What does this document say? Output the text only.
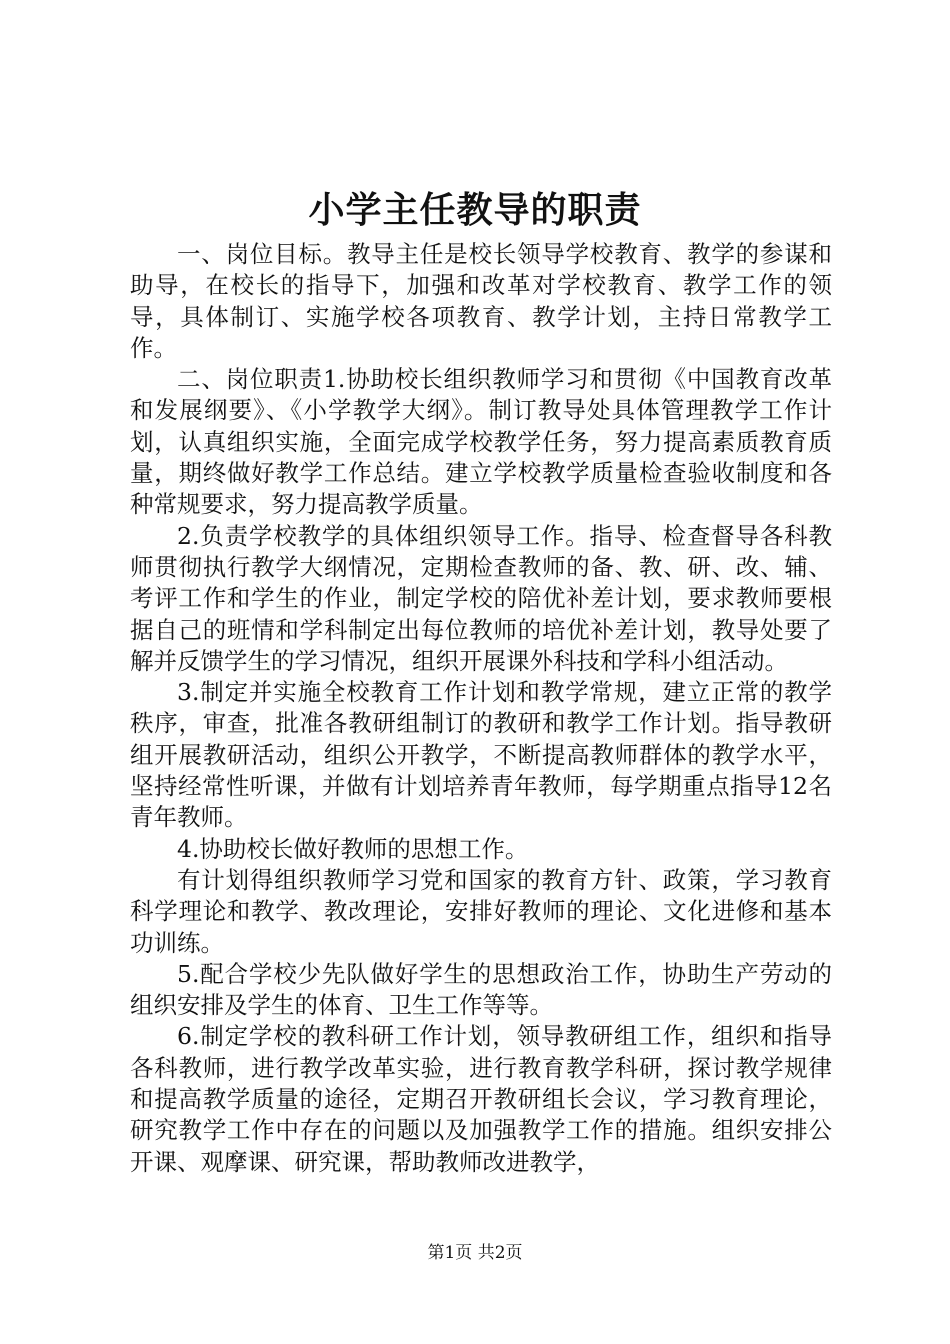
小学主任教导的职责

一、岗位目标。教导主任是校长领导学校教育、教学的参谋和助导，在校长的指导下，加强和改革对学校教育、教学工作的领导，具体制订、实施学校各项教育、教学计划，主持日常教学工作。

二、岗位职责1.协助校长组织教师学习和贯彻《中国教育改革和发展纲要》、《小学教学大纲》。制订教导处具体管理教学工作计划，认真组织实施，全面完成学校教学任务，努力提高素质教育质量，期终做好教学工作总结。建立学校教学质量检查验收制度和各种常规要求，努力提高教学质量。

2.负责学校教学的具体组织领导工作。指导、检查督导各科教师贯彻执行教学大纲情况，定期检查教师的备、教、研、改、辅、考评工作和学生的作业，制定学校的陪优补差计划，要求教师要根据自己的班情和学科制定出每位教师的培优补差计划，教导处要了解并反馈学生的学习情况，组织开展课外科技和学科小组活动。

3.制定并实施全校教育工作计划和教学常规，建立正常的教学秩序，审查，批准各教研组制订的教研和教学工作计划。指导教研组开展教研活动，组织公开教学，不断提高教师群体的教学水平，坚持经常性听课，并做有计划培养青年教师，每学期重点指导12名青年教师。

4.协助校长做好教师的思想工作。

有计划得组织教师学习党和国家的教育方针、政策，学习教育科学理论和教学、教改理论，安排好教师的理论、文化进修和基本功训练。

5.配合学校少先队做好学生的思想政治工作，协助生产劳动的组织安排及学生的体育、卫生工作等等。

6.制定学校的教科研工作计划，领导教研组工作，组织和指导各科教师，进行教学改革实验，进行教育教学科研，探讨教学规律和提高教学质量的途径，定期召开教研组长会议，学习教育理论，研究教学工作中存在的问题以及加强教学工作的措施。组织安排公开课、观摩课、研究课，帮助教师改进教学，

第1页 共2页
